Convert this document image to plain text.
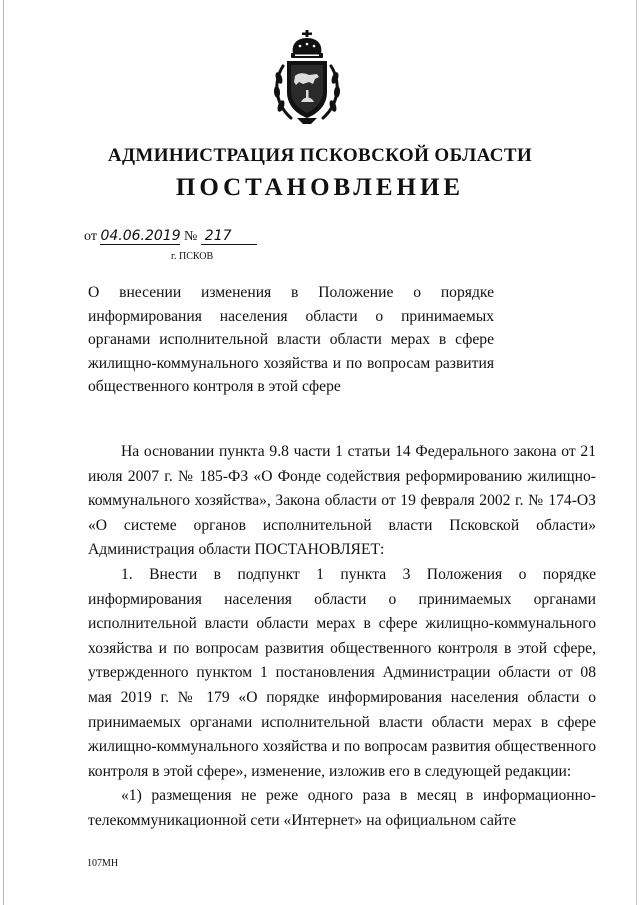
АДМИНИСТРАЦИЯ ПСКОВСКОЙ ОБЛАСТИ
ПОСТАНОВЛЕНИЕ
от 04.06.2019 № 217
г. ПСКОВ
О внесении изменения в Положение о порядке информирования населения области о принимаемых органами исполнительной власти области мерах в сфере жилищно-коммунального хозяйства и по вопросам развития общественного контроля в этой сфере

На основании пункта 9.8 части 1 статьи 14 Федерального закона от 21 июля 2007 г. № 185-ФЗ «О Фонде содействия реформированию жилищно-коммунального хозяйства», Закона области от 19 февраля 2002 г. № 174-ОЗ «О системе органов исполнительной власти Псковской области» Администрация области ПОСТАНОВЛЯЕТ:

1. Внести в подпункт 1 пункта 3 Положения о порядке информирования населения области о принимаемых органами исполнительной власти области мерах в сфере жилищно-коммунального хозяйства и по вопросам развития общественного контроля в этой сфере, утвержденного пунктом 1 постановления Администрации области от 08 мая 2019 г. № 179 «О порядке информирования населения области о принимаемых органами исполнительной власти области мерах в сфере жилищно-коммунального хозяйства и по вопросам развития общественного контроля в этой сфере», изменение, изложив его в следующей редакции:

«1) размещения не реже одного раза в месяц в информационно-телекоммуникационной сети «Интернет» на официальном сайте

107МН
